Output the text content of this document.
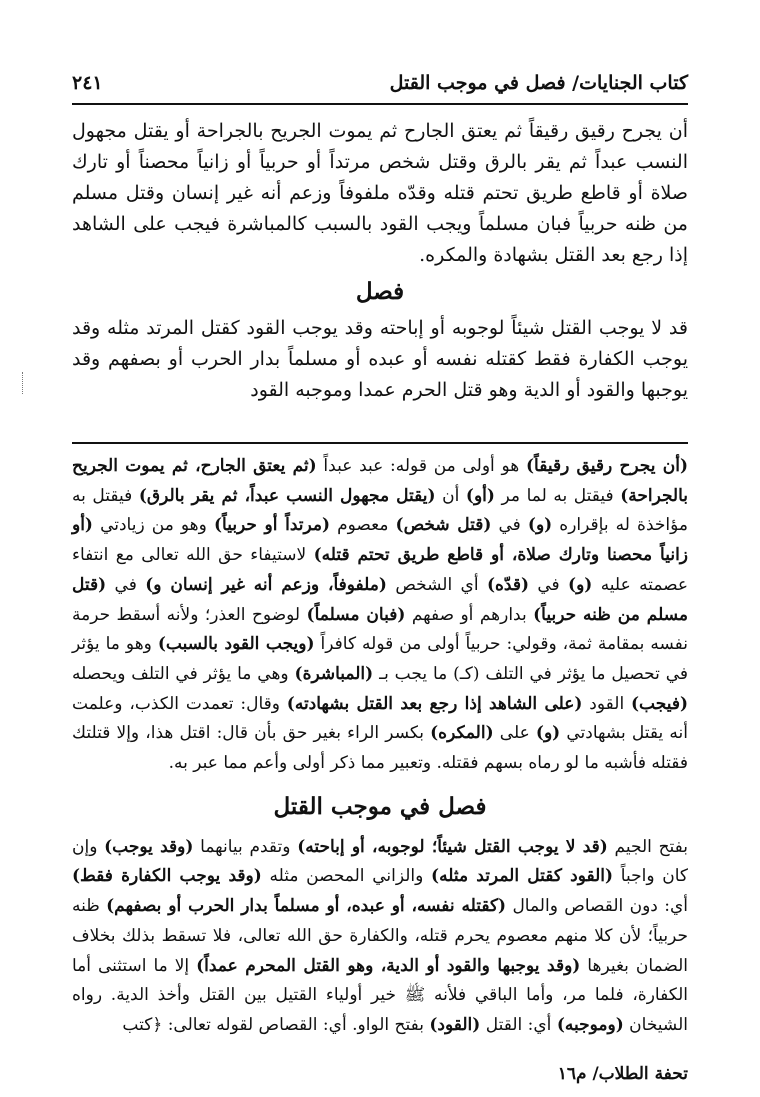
كتاب الجنايات/ فصل في موجب القتل
٢٤١

أن يجرح رقيق رقيقاً ثم يعتق الجارح ثم يموت الجريح بالجراحة أو يقتل مجهول النسب عبداً ثم يقر بالرق وقتل شخص مرتداً أو حربياً أو زانياً محصناً أو تارك صلاة أو قاطع طريق تحتم قتله وقدّه ملفوفاً وزعم أنه غير إنسان وقتل مسلم من ظنه حربياً فبان مسلماً ويجب القود بالسبب كالمباشرة فيجب على الشاهد إذا رجع بعد القتل بشهادة والمكره.

فصل

قد لا يوجب القتل شيئاً لوجوبه أو إباحته وقد يوجب القود كقتل المرتد مثله وقد يوجب الكفارة فقط كقتله نفسه أو عبده أو مسلماً بدار الحرب أو بصفهم وقد يوجبها والقود أو الدية وهو قتل الحرم عمدا وموجبه القود

(أن يجرح رقيق رقيقاً) هو أولى من قوله: عبد عبداً (ثم يعتق الجارح، ثم يموت الجريح بالجراحة) فيقتل به لما مر (أو) أن (يقتل مجهول النسب عبداً، ثم يقر بالرق) فيقتل به مؤاخذة له بإقراره (و) في (قتل شخص) معصوم (مرتداً أو حربياً) وهو من زيادتي (أو زانياً محصنا وتارك صلاة، أو قاطع طريق تحتم قتله) لاستيفاء حق الله تعالى مع انتفاء عصمته عليه (و) في (قدّه) أي الشخص (ملفوفاً، وزعم أنه غير إنسان و) في (قتل مسلم من ظنه حربياً) بدارهم أو صفهم (فبان مسلماً) لوضوح العذر؛ ولأنه أسقط حرمة نفسه بمقامة ثمة، وقولي: حربياً أولى من قوله كافراً (ويجب القود بالسبب) وهو ما يؤثر في تحصيل ما يؤثر في التلف (كـ) ما يجب بـ (المباشرة) وهي ما يؤثر في التلف ويحصله (فيجب) القود (على الشاهد إذا رجع بعد القتل بشهادته) وقال: تعمدت الكذب، وعلمت أنه يقتل بشهادتي (و) على (المكره) بكسر الراء بغير حق بأن قال: اقتل هذا، وإلا قتلتك فقتله فأشبه ما لو رماه بسهم فقتله. وتعبير مما ذكر أولى وأعم مما عبر به.

فصل في موجب القتل

بفتح الجيم (قد لا يوجب القتل شيئاً؛ لوجوبه، أو إباحته) وتقدم بيانهما (وقد يوجب) وإن كان واجباً (القود كقتل المرتد مثله) والزاني المحصن مثله (وقد يوجب الكفارة فقط) أي: دون القصاص والمال (كقتله نفسه، أو عبده، أو مسلماً بدار الحرب أو بصفهم) ظنه حربياً؛ لأن كلا منهم معصوم يحرم قتله، والكفارة حق الله تعالى، فلا تسقط بذلك بخلاف الضمان بغيرها (وقد يوجبها والقود أو الدية، وهو القتل المحرم عمداً) إلا ما استثنى أما الكفارة، فلما مر، وأما الباقي فلأنه ﷺ خير أولياء القتيل بين القتل وأخذ الدية. رواه الشيخان (وموجبه) أي: القتل (القود) بفتح الواو. أي: القصاص لقوله تعالى: ﴿كتب

تحفة الطلاب/ م١٦
